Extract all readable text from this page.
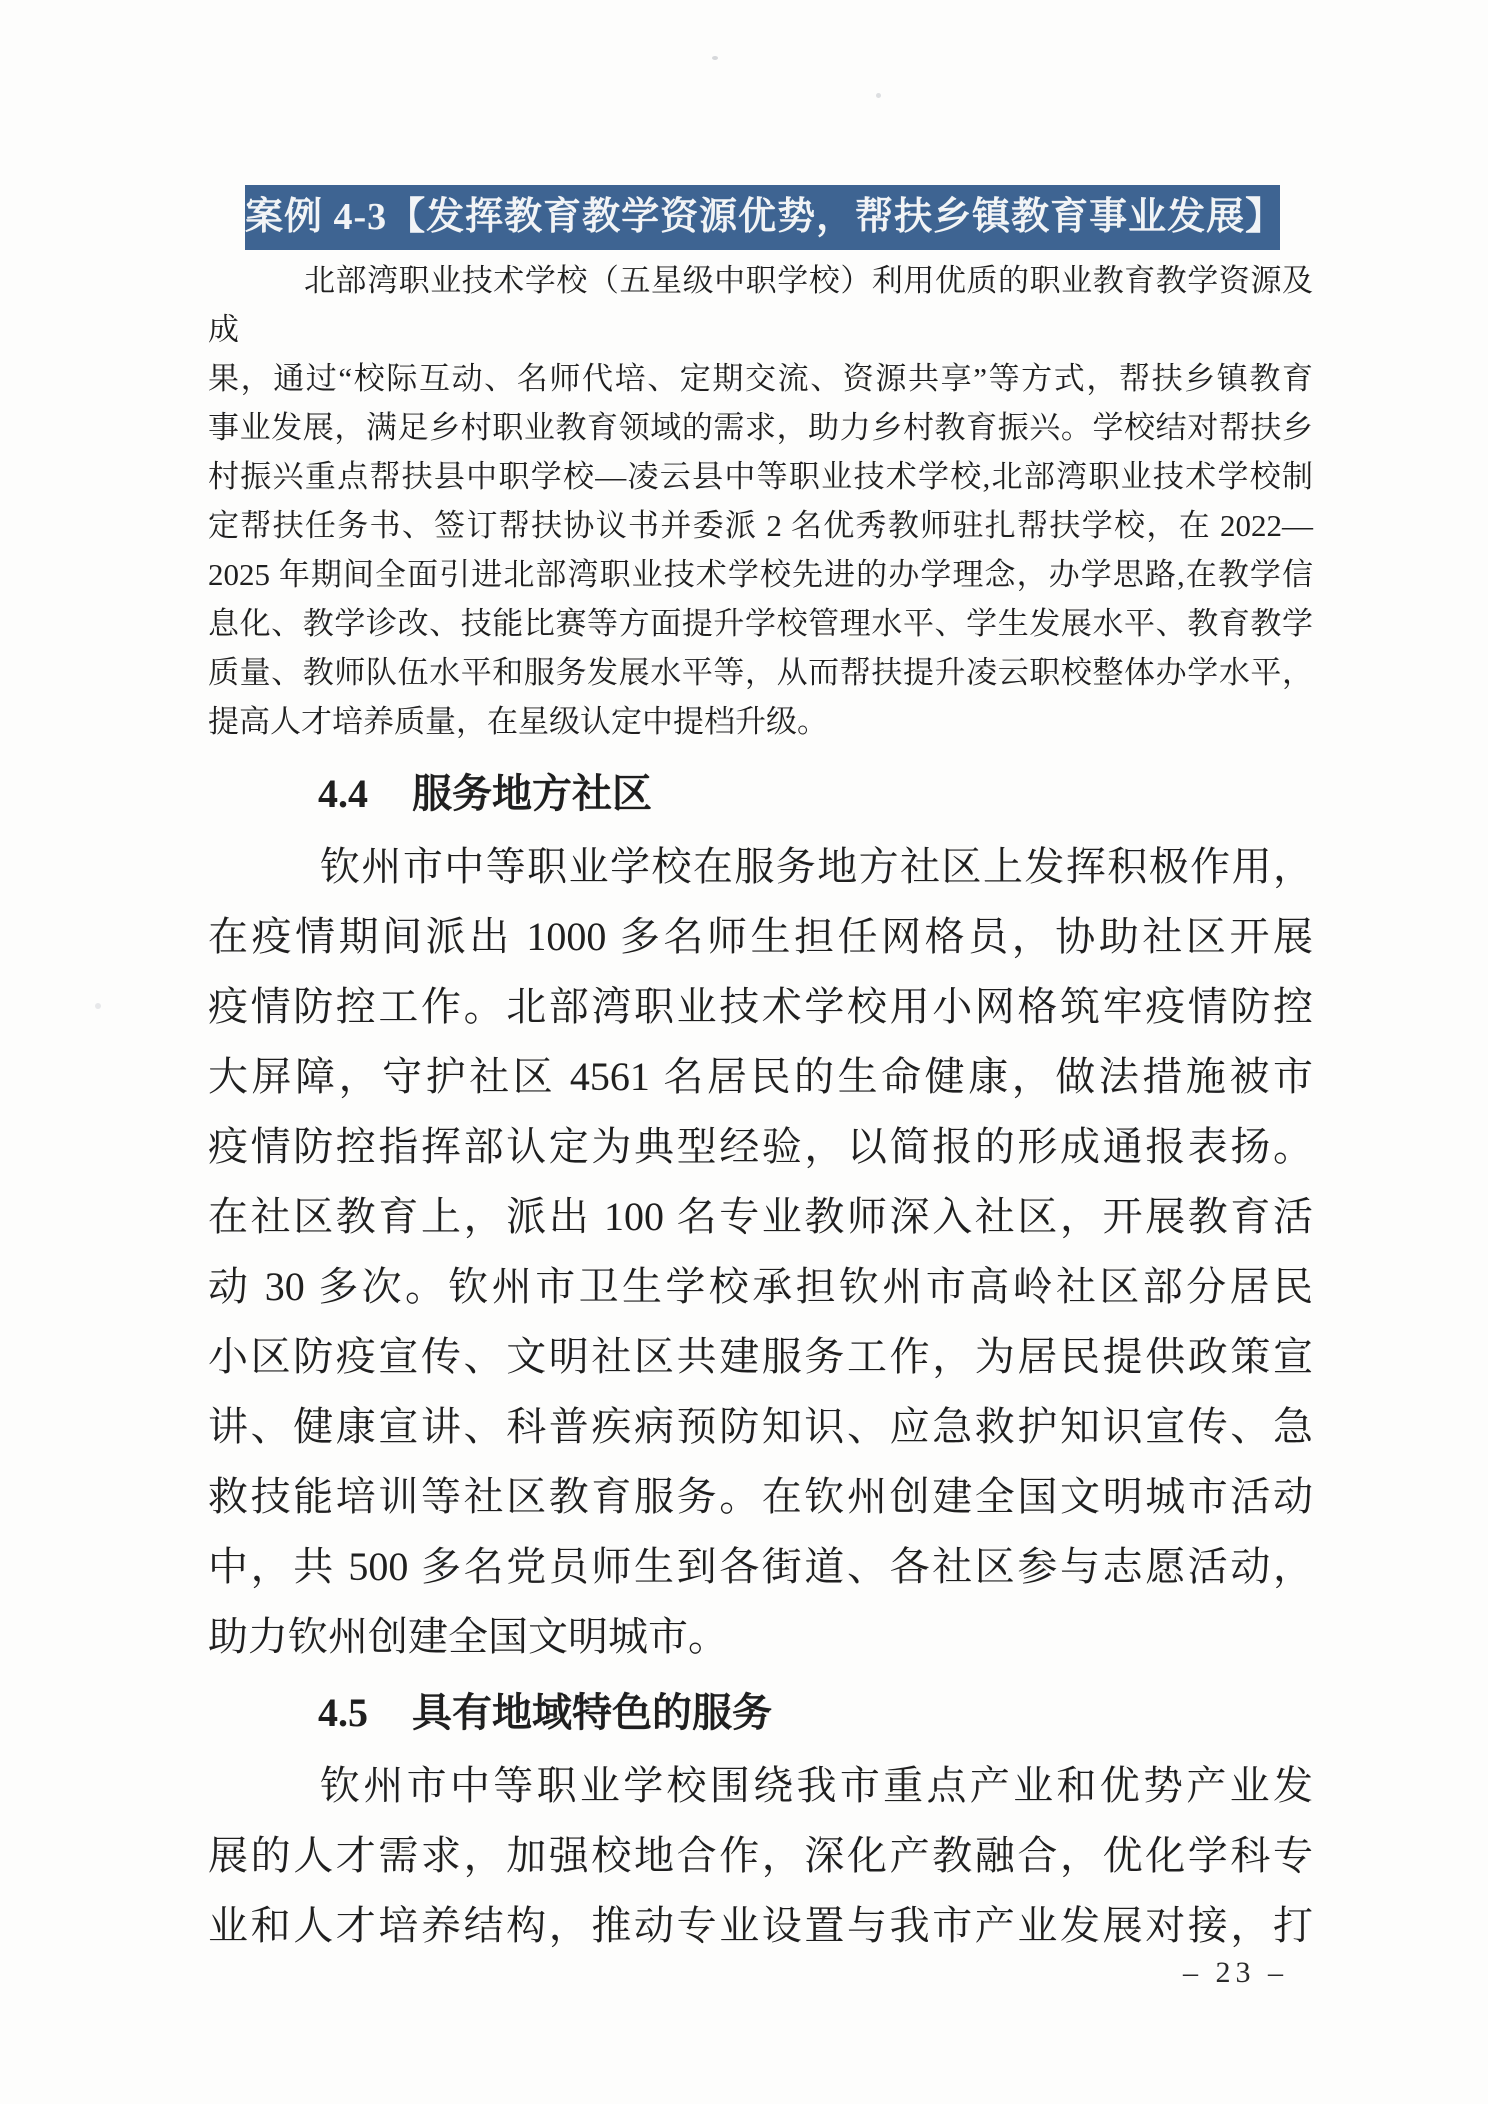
案例 4-3【发挥教育教学资源优势，帮扶乡镇教育事业发展】
北部湾职业技术学校（五星级中职学校）利用优质的职业教育教学资源及成
果，通过“校际互动、名师代培、定期交流、资源共享”等方式，帮扶乡镇教育
事业发展，满足乡村职业教育领域的需求，助力乡村教育振兴。学校结对帮扶乡
村振兴重点帮扶县中职学校—凌云县中等职业技术学校,北部湾职业技术学校制
定帮扶任务书、签订帮扶协议书并委派 2 名优秀教师驻扎帮扶学校，在 2022—
2025 年期间全面引进北部湾职业技术学校先进的办学理念，办学思路,在教学信
息化、教学诊改、技能比赛等方面提升学校管理水平、学生发展水平、教育教学
质量、教师队伍水平和服务发展水平等，从而帮扶提升凌云职校整体办学水平，
提高人才培养质量，在星级认定中提档升级。
4.4 服务地方社区
钦州市中等职业学校在服务地方社区上发挥积极作用，
在疫情期间派出 1000 多名师生担任网格员，协助社区开展
疫情防控工作。北部湾职业技术学校用小网格筑牢疫情防控
大屏障，守护社区 4561 名居民的生命健康，做法措施被市
疫情防控指挥部认定为典型经验，以简报的形成通报表扬。
在社区教育上，派出 100 名专业教师深入社区，开展教育活
动 30 多次。钦州市卫生学校承担钦州市高岭社区部分居民
小区防疫宣传、文明社区共建服务工作，为居民提供政策宣
讲、健康宣讲、科普疾病预防知识、应急救护知识宣传、急
救技能培训等社区教育服务。在钦州创建全国文明城市活动
中，共 500 多名党员师生到各街道、各社区参与志愿活动，
助力钦州创建全国文明城市。
4.5 具有地域特色的服务
钦州市中等职业学校围绕我市重点产业和优势产业发
展的人才需求，加强校地合作，深化产教融合，优化学科专
业和人才培养结构，推动专业设置与我市产业发展对接，打
– 23 –
